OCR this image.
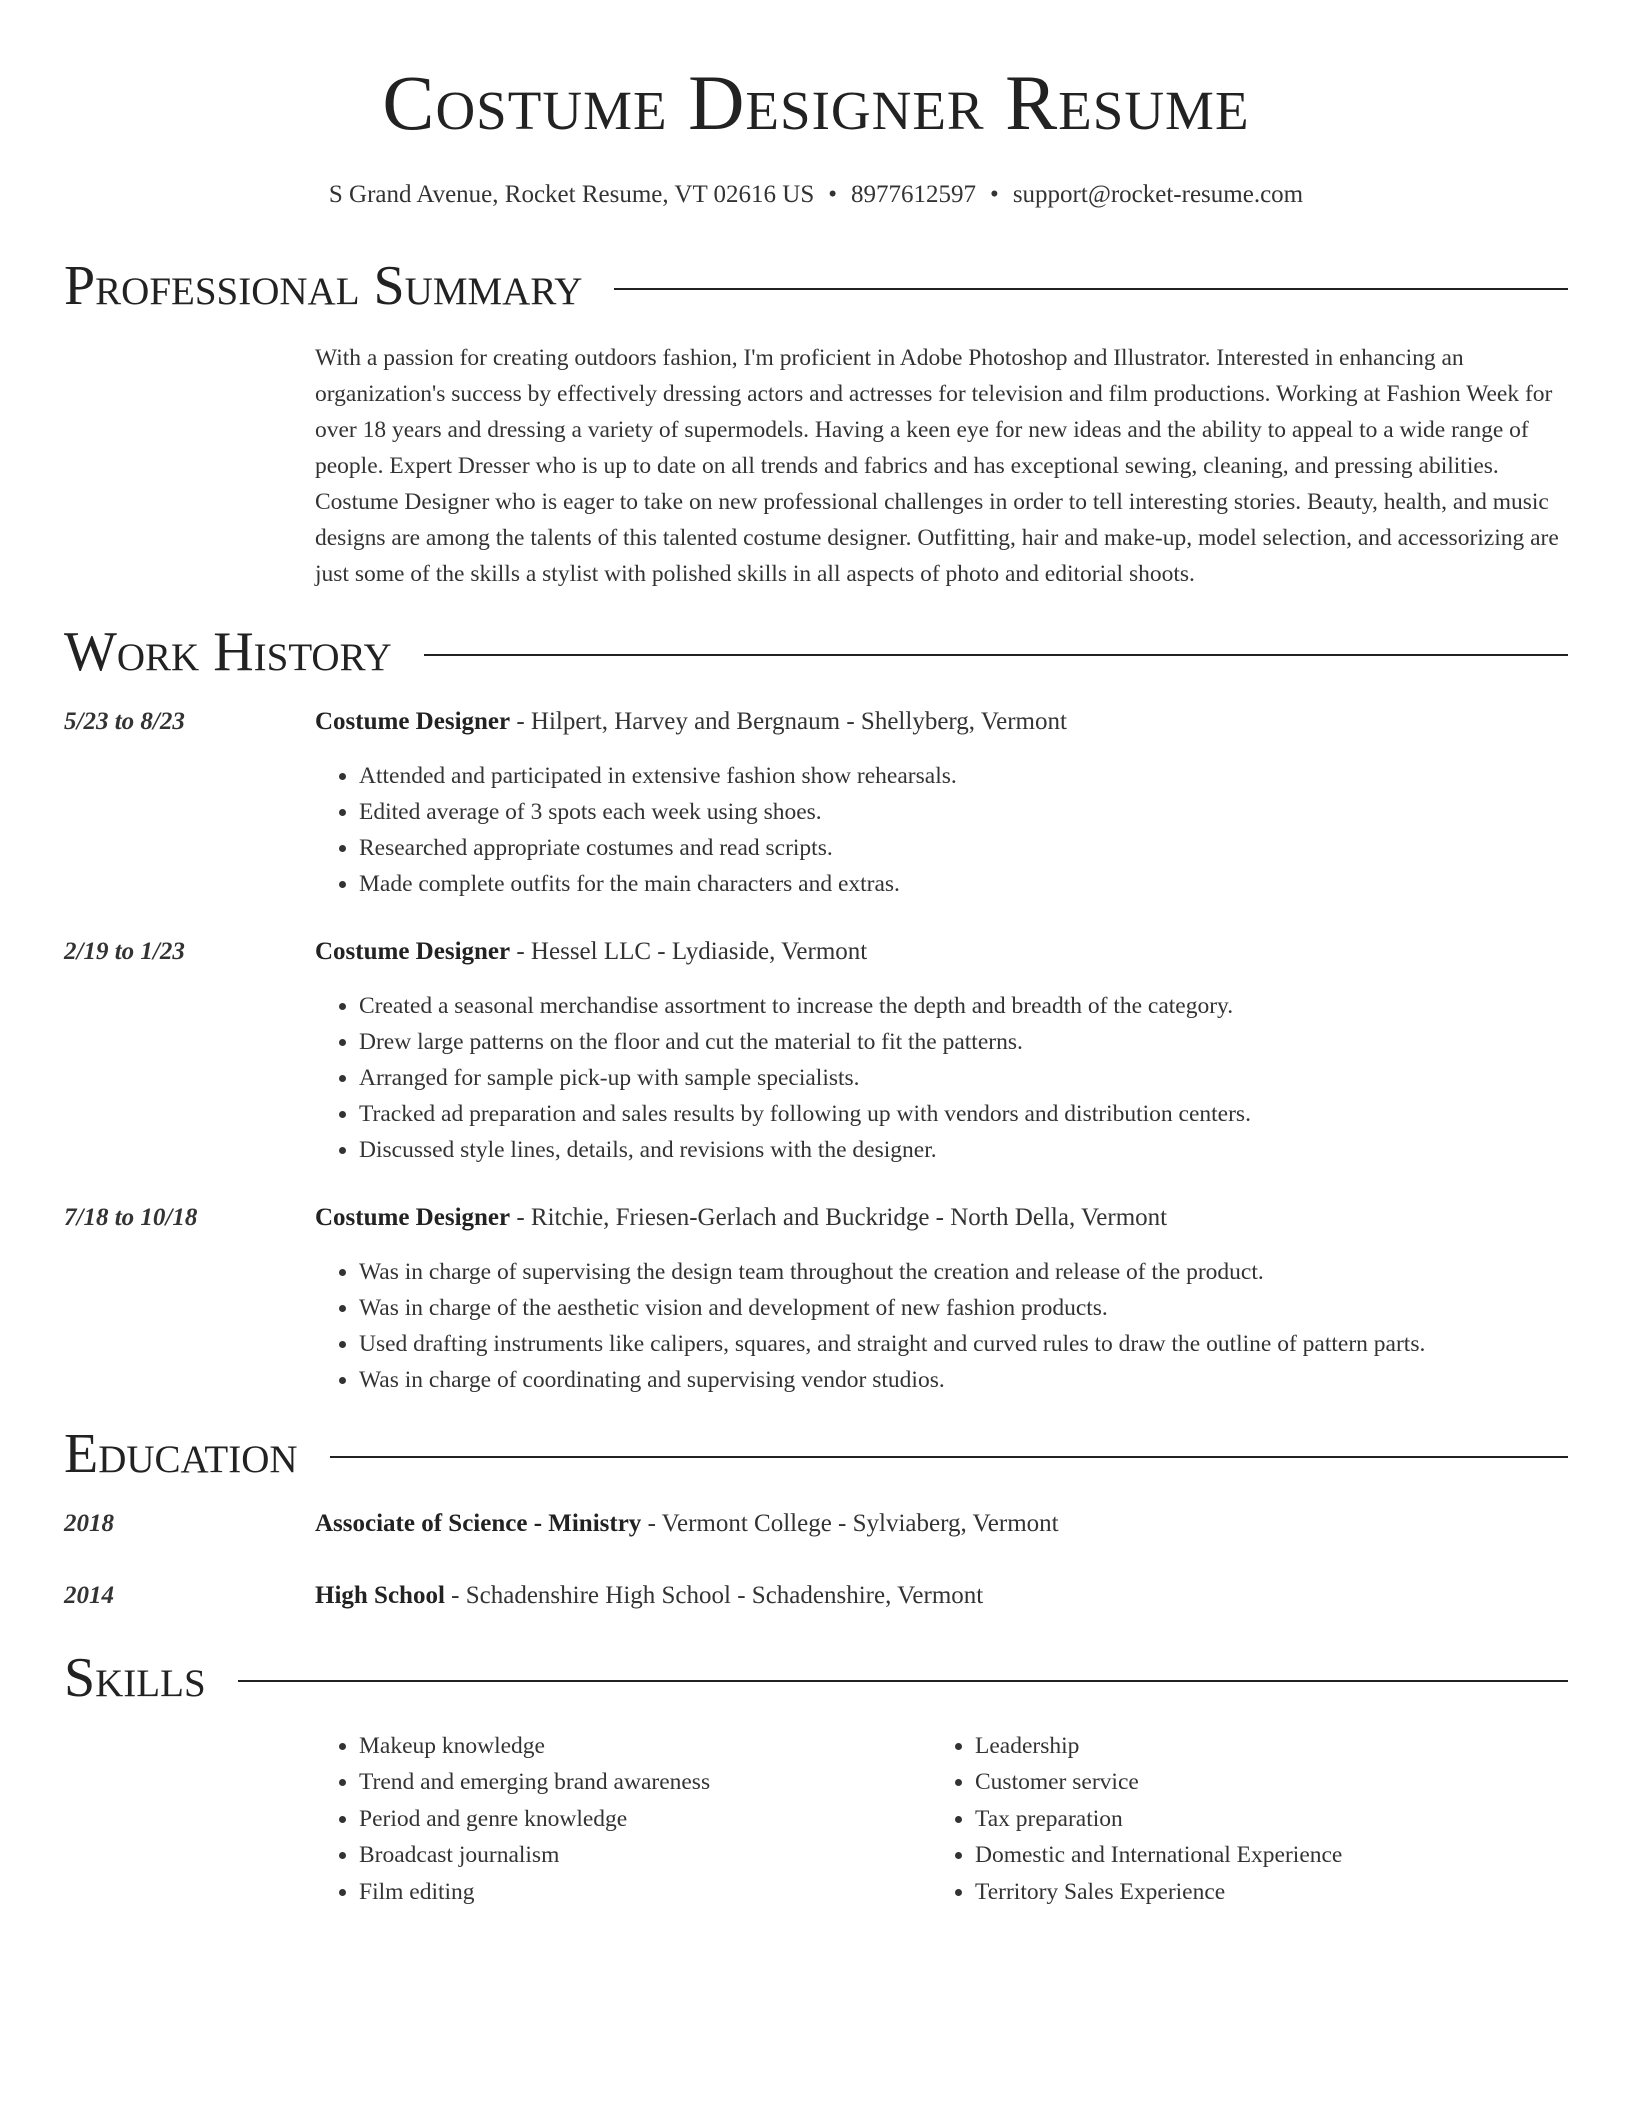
Costume Designer Resume
S Grand Avenue, Rocket Resume, VT 02616 US • 8977612597 • support@rocket-resume.com
Professional Summary
With a passion for creating outdoors fashion, I'm proficient in Adobe Photoshop and Illustrator. Interested in enhancing an organization's success by effectively dressing actors and actresses for television and film productions. Working at Fashion Week for over 18 years and dressing a variety of supermodels. Having a keen eye for new ideas and the ability to appeal to a wide range of people. Expert Dresser who is up to date on all trends and fabrics and has exceptional sewing, cleaning, and pressing abilities. Costume Designer who is eager to take on new professional challenges in order to tell interesting stories. Beauty, health, and music designs are among the talents of this talented costume designer. Outfitting, hair and make-up, model selection, and accessorizing are just some of the skills a stylist with polished skills in all aspects of photo and editorial shoots.
Work History
5/23 to 8/23	Costume Designer - Hilpert, Harvey and Bergnaum - Shellyberg, Vermont
• Attended and participated in extensive fashion show rehearsals.
• Edited average of 3 spots each week using shoes.
• Researched appropriate costumes and read scripts.
• Made complete outfits for the main characters and extras.
2/19 to 1/23	Costume Designer - Hessel LLC - Lydiaside, Vermont
• Created a seasonal merchandise assortment to increase the depth and breadth of the category.
• Drew large patterns on the floor and cut the material to fit the patterns.
• Arranged for sample pick-up with sample specialists.
• Tracked ad preparation and sales results by following up with vendors and distribution centers.
• Discussed style lines, details, and revisions with the designer.
7/18 to 10/18	Costume Designer - Ritchie, Friesen-Gerlach and Buckridge - North Della, Vermont
• Was in charge of supervising the design team throughout the creation and release of the product.
• Was in charge of the aesthetic vision and development of new fashion products.
• Used drafting instruments like calipers, squares, and straight and curved rules to draw the outline of pattern parts.
• Was in charge of coordinating and supervising vendor studios.
Education
2018	Associate of Science - Ministry - Vermont College - Sylviaberg, Vermont
2014	High School - Schadenshire High School - Schadenshire, Vermont
Skills
• Makeup knowledge
• Trend and emerging brand awareness
• Period and genre knowledge
• Broadcast journalism
• Film editing
• Leadership
• Customer service
• Tax preparation
• Domestic and International Experience
• Territory Sales Experience
